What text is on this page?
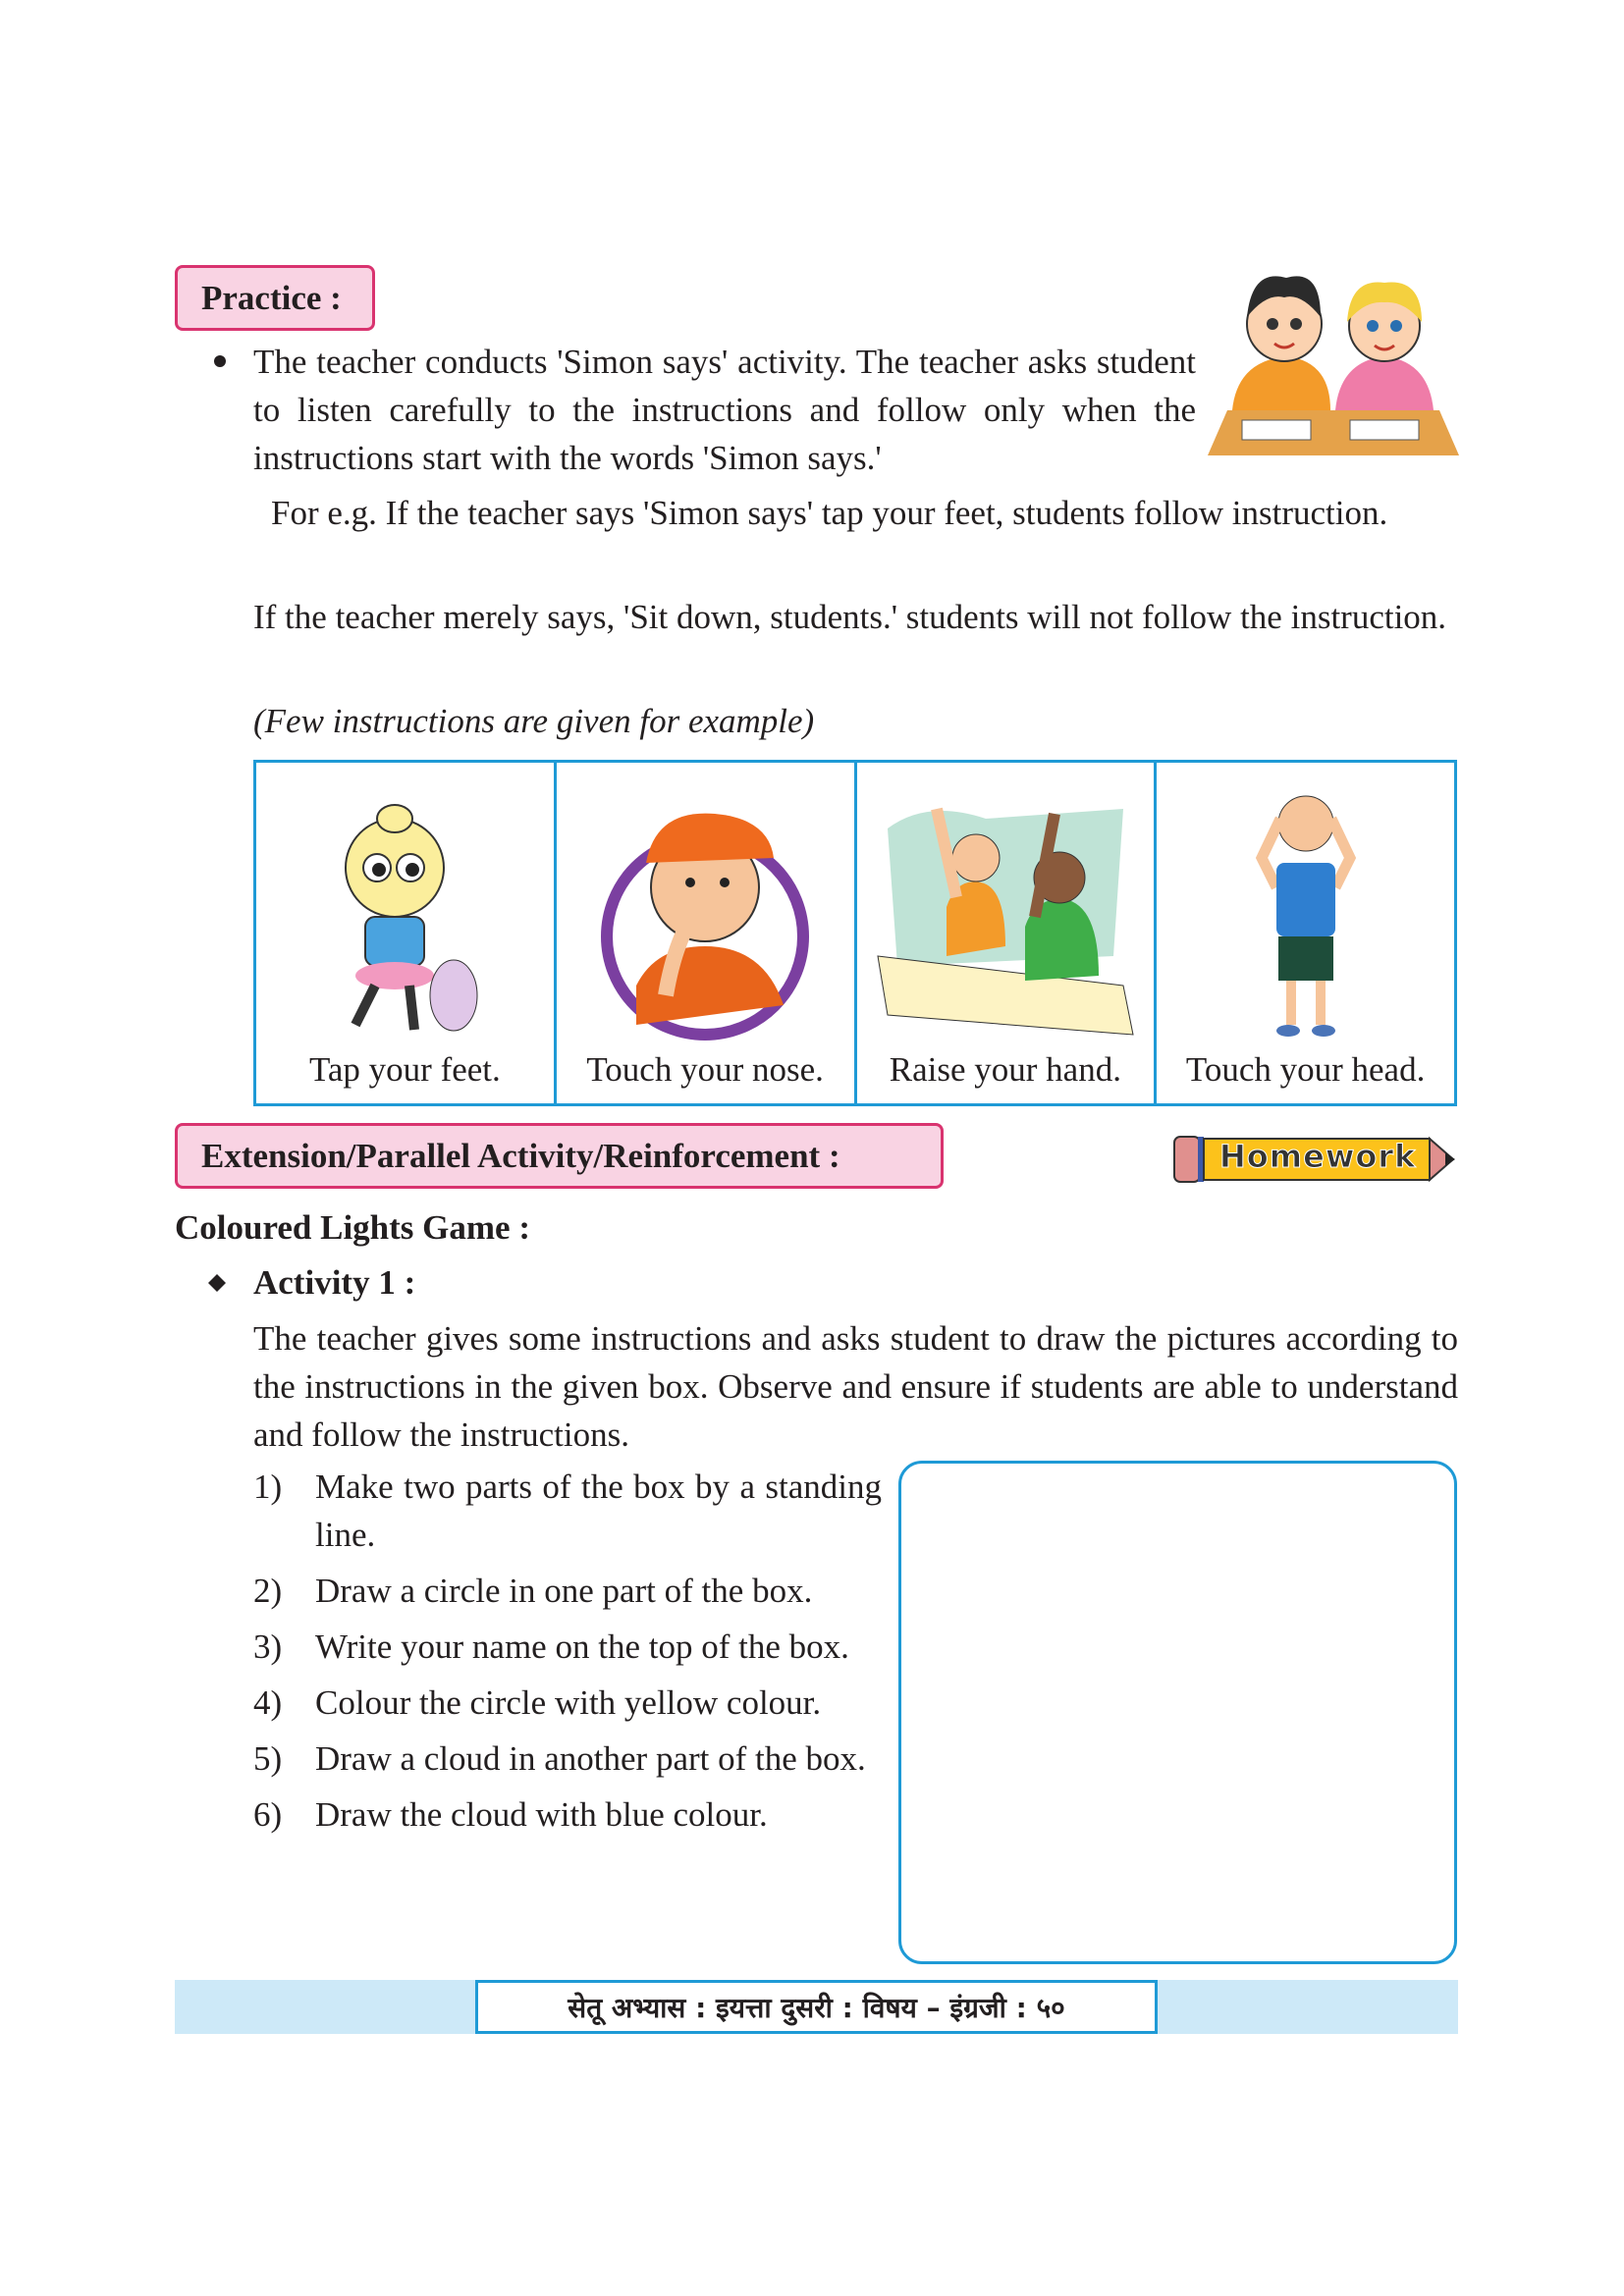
Practice :
The teacher conducts 'Simon says' activity. The teacher asks student to listen carefully to the instructions and follow only when the instructions start with the words 'Simon says.'
For e.g. If the teacher says 'Simon says' tap your feet, students follow instruction.
If the teacher merely says, 'Sit down, students.' students will not follow the instruction.
(Few instructions are given for example)
Tap your feet.	Touch your nose.	Raise your hand.	Touch your head.
Extension/Parallel Activity/Reinforcement :	Homework
Coloured Lights Game :
Activity 1 :
The teacher gives some instructions and asks student to draw the pictures according to the instructions in the given box. Observe and ensure if students are able to understand and follow the instructions.
1) Make two parts of the box by a standing line.
2) Draw a circle in one part of the box.
3) Write your name on the top of the box.
4) Colour the circle with yellow colour.
5) Draw a cloud in another part of the box.
6) Draw the cloud with blue colour.
सेतू अभ्यास : इयत्ता दुसरी : विषय – इंग्रजी : ५०
